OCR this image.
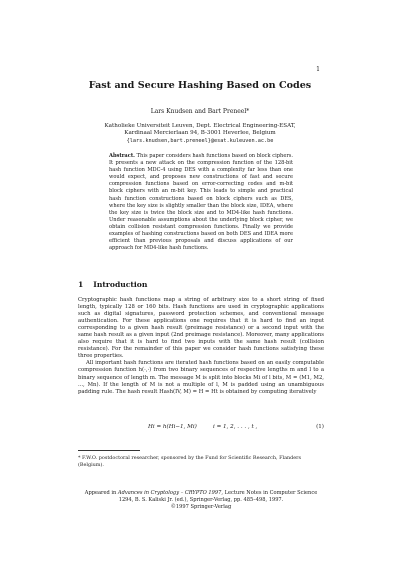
1
Fast and Secure Hashing Based on Codes
Lars Knudsen and Bart Preneel*
Katholieke Universiteit Leuven, Dept. Electrical Engineering-ESAT,
Kardinaal Mercierlaan 94, B-3001 Heverlee, Belgium
{lars.knudsen,bart.preneel}@esat.kuleuven.ac.be
Abstract. This paper considers hash functions based on block ciphers. It presents a new attack on the compression function of the 128-bit hash function MDC-4 using DES with a complexity far less than one would expect, and proposes new constructions of fast and secure compression functions based on error-correcting codes and m-bit block ciphers with an m-bit key. This leads to simple and practical hash function constructions based on block ciphers such as DES, where the key size is slightly smaller than the block size, IDEA, where the key size is twice the block size and to MD4-like hash functions. Under reasonable assumptions about the underlying block cipher, we obtain collision resistant compression functions. Finally we provide examples of hashing constructions based on both DES and IDEA more efficient than previous proposals and discuss applications of our approach for MD4-like hash functions.
1 Introduction

Cryptographic hash functions map a string of arbitrary size to a short string of fixed length, typically 128 or 160 bits. Hash functions are used in cryptographic applications such as digital signatures, password protection schemes, and conventional message authentication. For these applications one requires that it is hard to find an input corresponding to a given hash result (preimage resistance) or a second input with the same hash result as a given input (2nd preimage resistance). Moreover, many applications also require that it is hard to find two inputs with the same hash result (collision resistance). For the remainder of this paper we consider hash functions satisfying these three properties.

All important hash functions are iterated hash functions based on an easily computable compression function h(·,·) from two binary sequences of respective lengths m and l to a binary sequence of length m. The message M is split into blocks Mi of l bits, M = (M1, M2, ..., Mn). If the length of M is not a multiple of l, M is padded using an unambiguous padding rule. The hash result Hash(IV, M) = H = Ht is obtained by computing iteratively

Hi = h(Hi−1, Mi)	i = 1, 2, . . . , t ,	(1)
* F.W.O. postdoctoral researcher, sponsored by the Fund for Scientific Research, Flanders (Belgium).
Appeared in Advances in Cryptology – CRYPTO 1997, Lecture Notes in Computer Science 1294, B. S. Kaliski Jr. (ed.), Springer-Verlag, pp. 485–498, 1997.
©1997 Springer-Verlag
